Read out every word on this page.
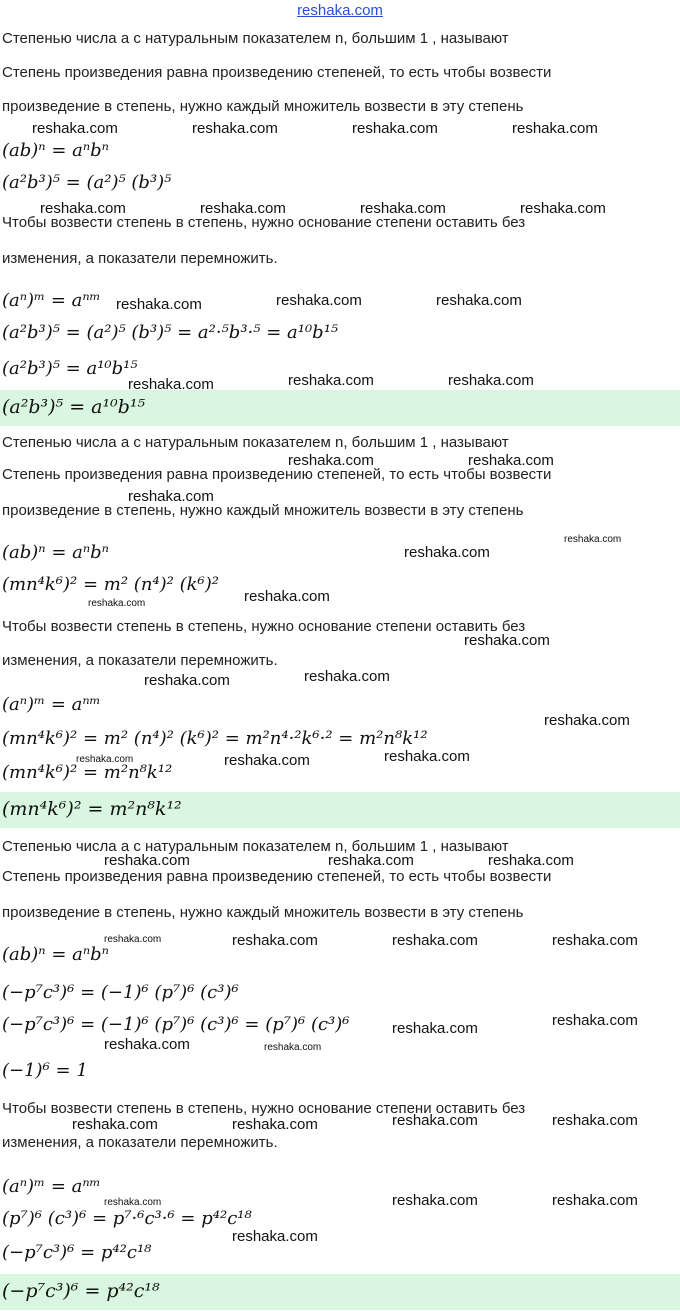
reshaka.com
Степенью числа a с натуральным показателем n, большим 1 , называют
Степень произведения равна произведению степеней, то есть чтобы возвести
произведение в степень, нужно каждый множитель возвести в эту степень
(ab)ⁿ = aⁿbⁿ
(a²b³)⁵ = (a²)⁵ (b³)⁵
Чтобы возвести степень в степень, нужно основание степени оставить без
изменения, а показатели перемножить.
(aⁿ)ᵐ = aⁿᵐ
(a²b³)⁵ = (a²)⁵ (b³)⁵ = a²·⁵b³·⁵ = a¹⁰b¹⁵
(a²b³)⁵ = a¹⁰b¹⁵
(a²b³)⁵ = a¹⁰b¹⁵
Степенью числа a с натуральным показателем n, большим 1 , называют
Степень произведения равна произведению степеней, то есть чтобы возвести
произведение в степень, нужно каждый множитель возвести в эту степень
(ab)ⁿ = aⁿbⁿ
(mn⁴k⁶)² = m² (n⁴)² (k⁶)²
Чтобы возвести степень в степень, нужно основание степени оставить без
изменения, а показатели перемножить.
(aⁿ)ᵐ = aⁿᵐ
(mn⁴k⁶)² = m² (n⁴)² (k⁶)² = m²n⁴·²k⁶·² = m²n⁸k¹²
(mn⁴k⁶)² = m²n⁸k¹²
(mn⁴k⁶)² = m²n⁸k¹²
Степенью числа a с натуральным показателем n, большим 1 , называют
Степень произведения равна произведению степеней, то есть чтобы возвести
произведение в степень, нужно каждый множитель возвести в эту степень
(ab)ⁿ = aⁿbⁿ
(−p⁷c³)⁶ = (−1)⁶ (p⁷)⁶ (c³)⁶
(−p⁷c³)⁶ = (−1)⁶ (p⁷)⁶ (c³)⁶ = (p⁷)⁶ (c³)⁶
(−1)⁶ = 1
Чтобы возвести степень в степень, нужно основание степени оставить без
изменения, а показатели перемножить.
(aⁿ)ᵐ = aⁿᵐ
(p⁷)⁶ (c³)⁶ = p⁷·⁶c³·⁶ = p⁴²c¹⁸
(−p⁷c³)⁶ = p⁴²c¹⁸
(−p⁷c³)⁶ = p⁴²c¹⁸
reshaka.com	reshaka.com	reshaka.com	reshaka.com
reshaka.com	reshaka.com	reshaka.com	reshaka.com
reshaka.com	reshaka.com	reshaka.com
reshaka.com	reshaka.com	reshaka.com
reshaka.com	reshaka.com
reshaka.com
reshaka.com
reshaka.com
reshaka.com	reshaka.com
reshaka.com
reshaka.com	reshaka.com
reshaka.com
reshaka.com	reshaka.com	reshaka.com
reshaka.com	reshaka.com	reshaka.com
reshaka.com	reshaka.com	reshaka.com	reshaka.com
reshaka.com	reshaka.com
reshaka.com	reshaka.com
reshaka.com	reshaka.com	reshaka.com	reshaka.com
reshaka.com	reshaka.com
reshaka.com
reshaka.com
